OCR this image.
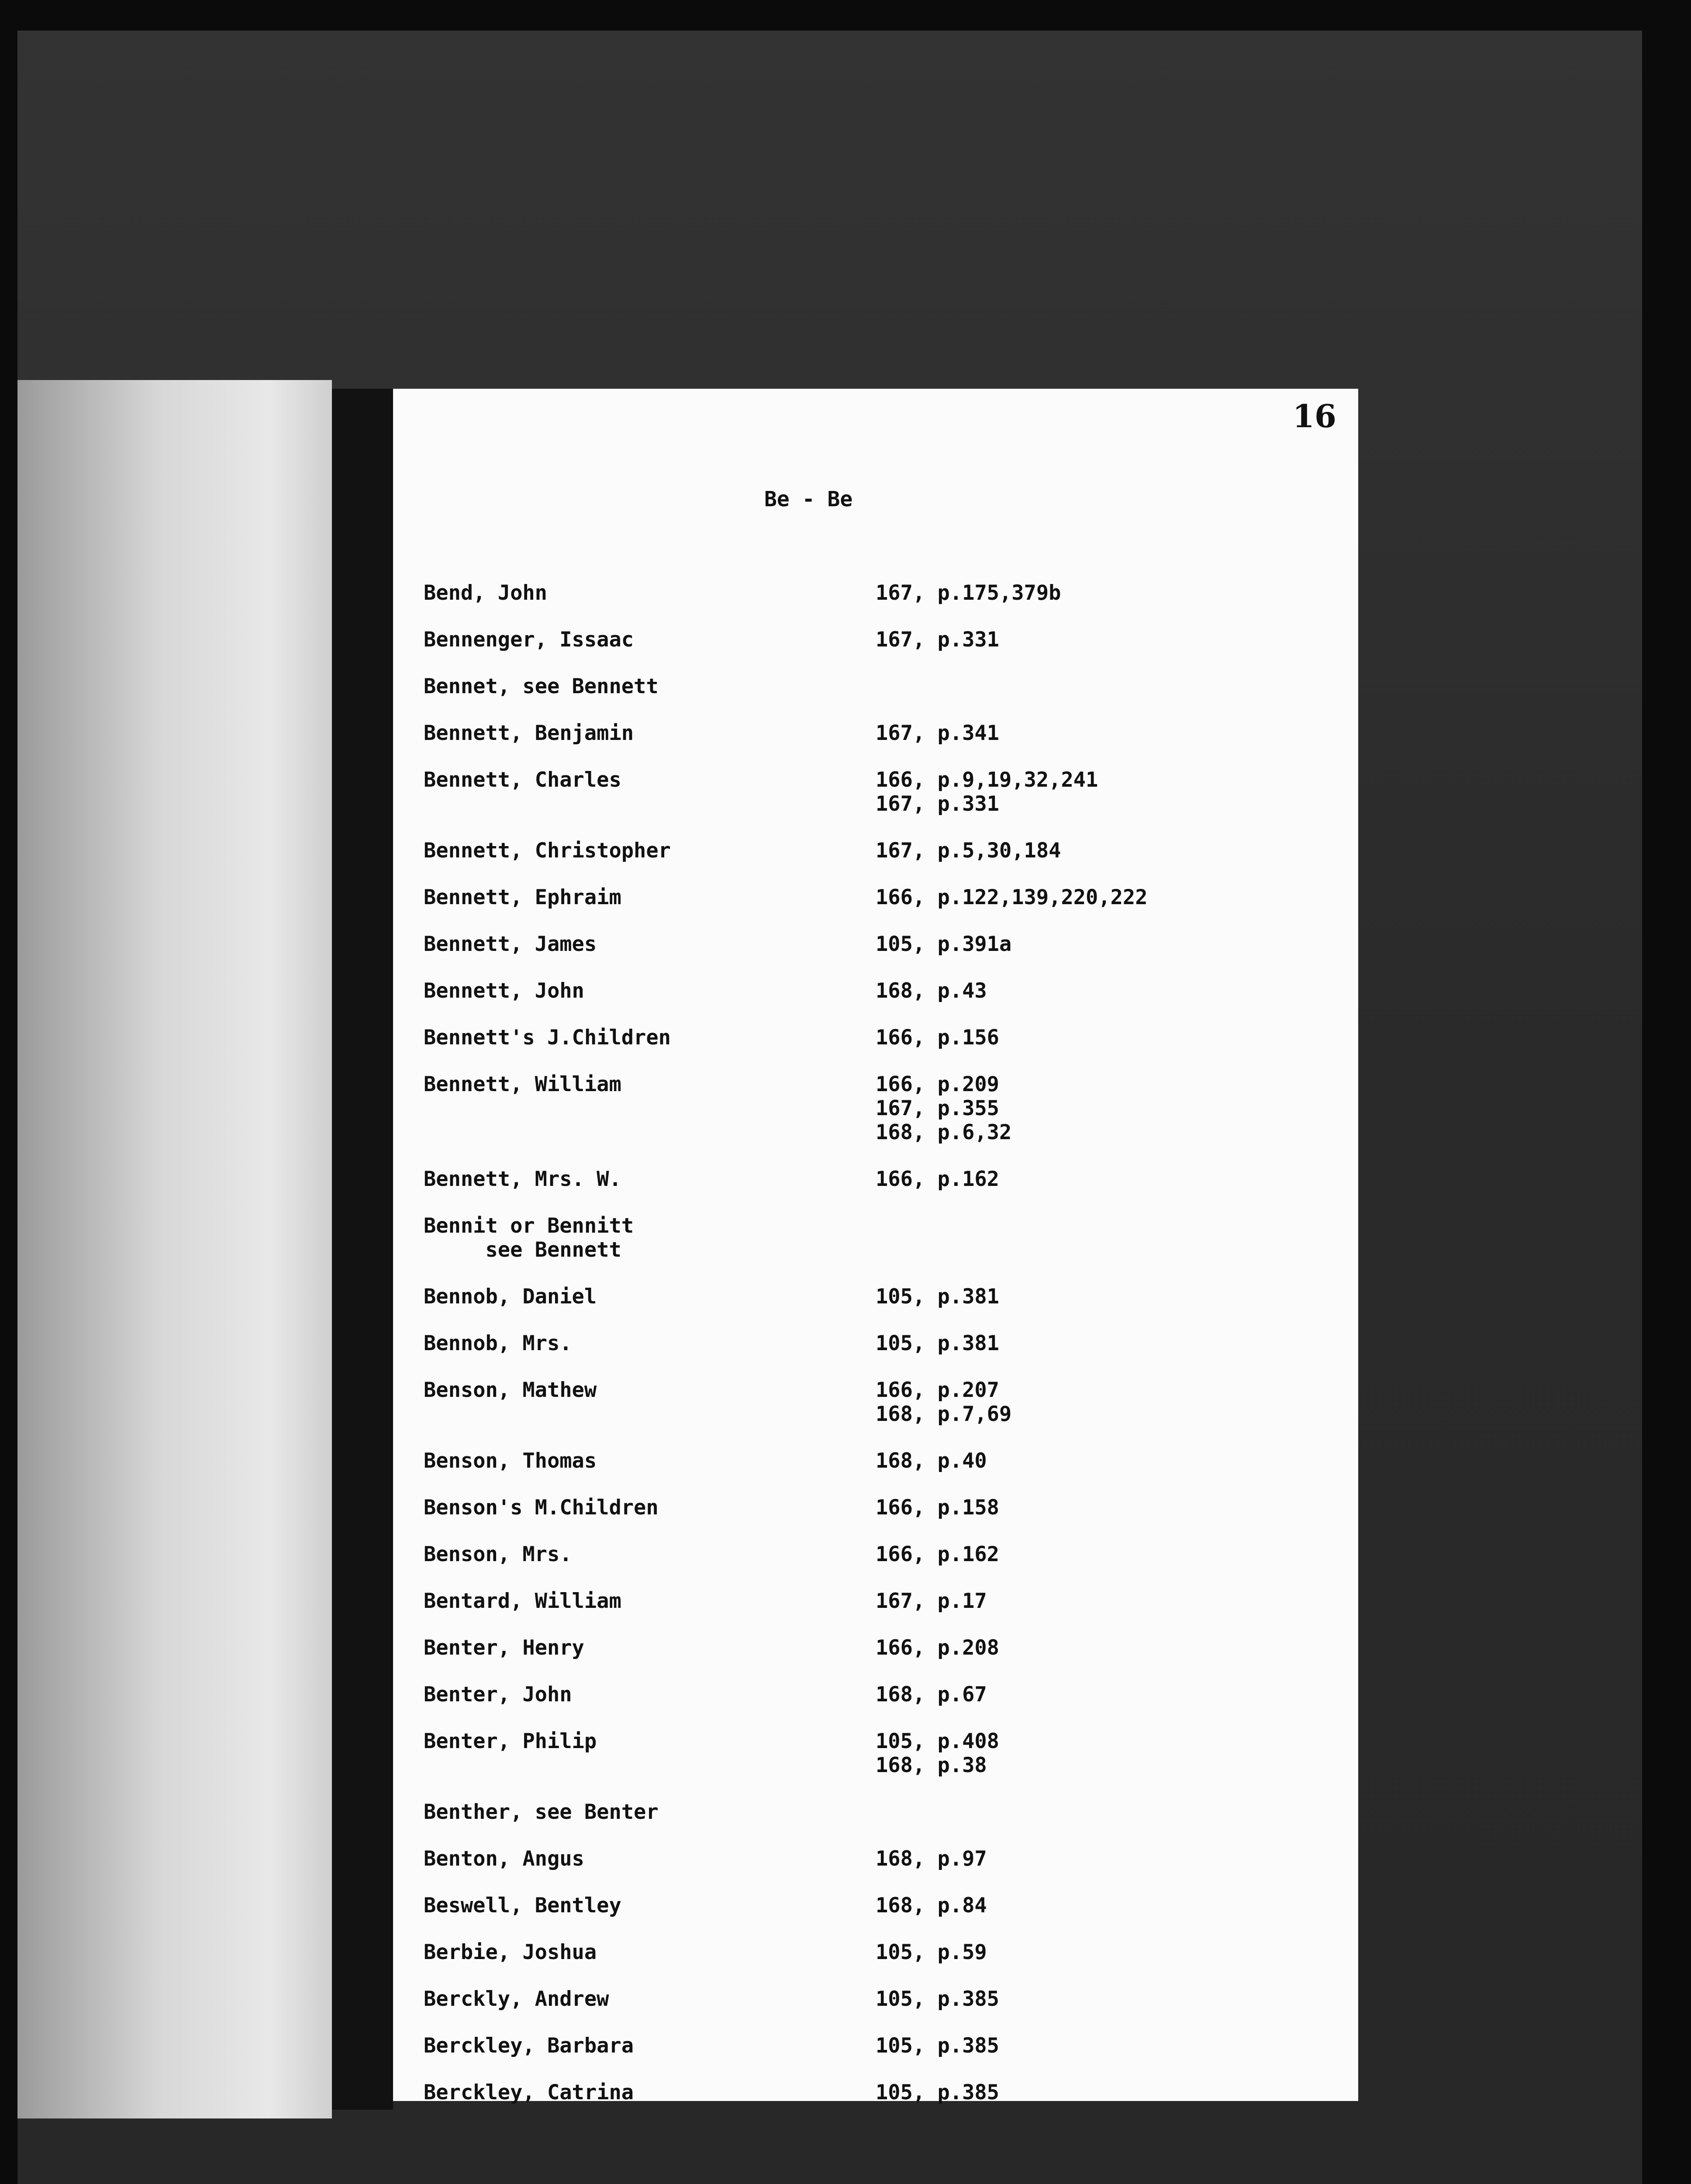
16
Be - Be
Bend, John	167, p.175,379b
Bennenger, Issaac	167, p.331
Bennet, see Bennett
Bennett, Benjamin	167, p.341
Bennett, Charles	166, p.9,19,32,241
167, p.331
Bennett, Christopher	167, p.5,30,184
Bennett, Ephraim	166, p.122,139,220,222
Bennett, James	105, p.391a
Bennett, John	168, p.43
Bennett's J.Children	166, p.156
Bennett, William	166, p.209
167, p.355
168, p.6,32
Bennett, Mrs. W.	166, p.162
Bennit or Bennitt
see Bennett
Bennob, Daniel	105, p.381
Bennob, Mrs.	105, p.381
Benson, Mathew	166, p.207
168, p.7,69
Benson, Thomas	168, p.40
Benson's M.Children	166, p.158
Benson, Mrs.	166, p.162
Bentard, William	167, p.17
Benter, Henry	166, p.208
Benter, John	168, p.67
Benter, Philip	105, p.408
168, p.38
Benther, see Benter
Benton, Angus	168, p.97
Beswell, Bentley	168, p.84
Berbie, Joshua	105, p.59
Bercklу, Andrew	105, p.385
Berckley, Barbara	105, p.385
Berckley, Catrina	105, p.385
